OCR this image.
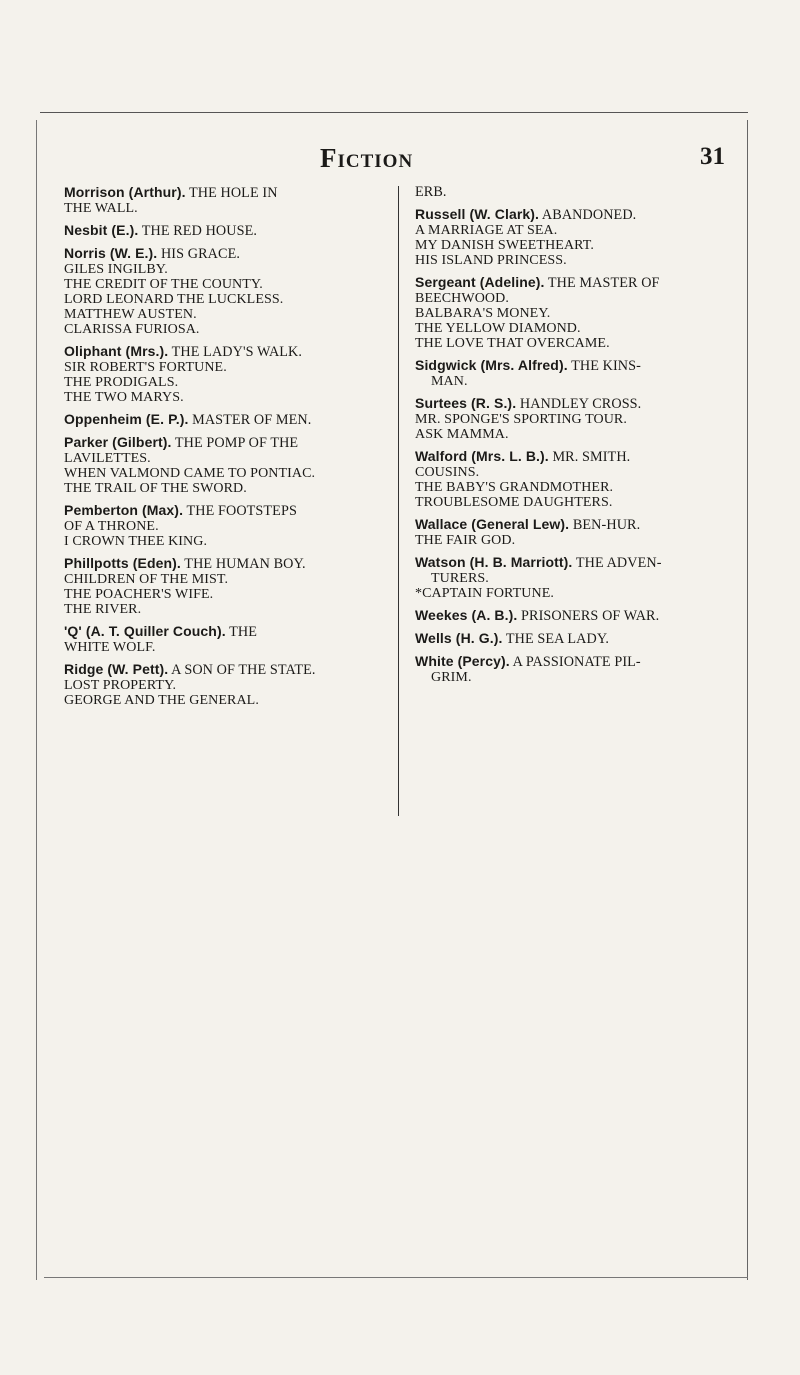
Fiction	31
Morrison (Arthur). THE HOLE IN
THE WALL.
Nesbit (E.). THE RED HOUSE.
Norris (W. E.). HIS GRACE.
GILES INGILBY.
THE CREDIT OF THE COUNTY.
LORD LEONARD THE LUCKLESS.
MATTHEW AUSTEN.
CLARISSA FURIOSA.
Oliphant (Mrs.). THE LADY'S WALK.
SIR ROBERT'S FORTUNE.
THE PRODIGALS.
THE TWO MARYS.
Oppenheim (E. P.). MASTER OF MEN.
Parker (Gilbert). THE POMP OF THE
LAVILETTES.
WHEN VALMOND CAME TO PONTIAC.
THE TRAIL OF THE SWORD.
Pemberton (Max). THE FOOTSTEPS
OF A THRONE.
I CROWN THEE KING.
Phillpotts (Eden). THE HUMAN BOY.
CHILDREN OF THE MIST.
THE POACHER'S WIFE.
THE RIVER.
'Q' (A. T. Quiller Couch). THE
WHITE WOLF.
Ridge (W. Pett). A SON OF THE STATE.
LOST PROPERTY.
GEORGE AND THE GENERAL.
ERB.
Russell (W. Clark). ABANDONED.
A MARRIAGE AT SEA.
MY DANISH SWEETHEART.
HIS ISLAND PRINCESS.
Sergeant (Adeline). THE MASTER OF
BEECHWOOD.
BALBARA'S MONEY.
THE YELLOW DIAMOND.
THE LOVE THAT OVERCAME.
Sidgwick (Mrs. Alfred). THE KINS-
MAN.
Surtees (R. S.). HANDLEY CROSS.
MR. SPONGE'S SPORTING TOUR.
ASK MAMMA.
Walford (Mrs. L. B.). MR. SMITH.
COUSINS.
THE BABY'S GRANDMOTHER.
TROUBLESOME DAUGHTERS.
Wallace (General Lew). BEN-HUR.
THE FAIR GOD.
Watson (H. B. Marriott). THE ADVEN-
TURERS.
*CAPTAIN FORTUNE.
Weekes (A. B.). PRISONERS OF WAR.
Wells (H. G.). THE SEA LADY.
White (Percy). A PASSIONATE PIL-
GRIM.
